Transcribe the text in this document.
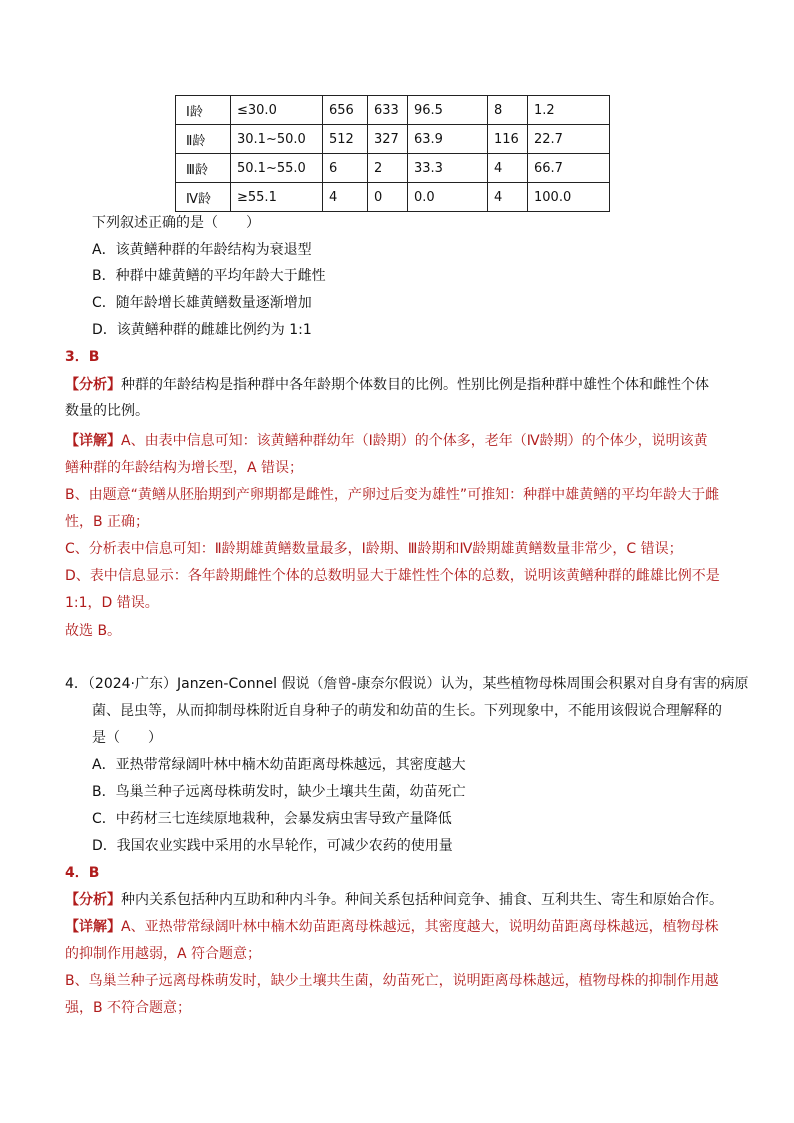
Ⅰ龄	≤30.0	656	633	96.5	8	1.2
Ⅱ龄	30.1~50.0	512	327	63.9	116	22.7
Ⅲ龄	50.1~55.0	6	2	33.3	4	66.7
Ⅳ龄	≥55.1	4	0	0.0	4	100.0
下列叙述正确的是（　　）
A．该黄鳝种群的年龄结构为衰退型
B．种群中雄黄鳝的平均年龄大于雌性
C．随年龄增长雄黄鳝数量逐渐增加
D．该黄鳝种群的雌雄比例约为 1:1
3．B
【分析】种群的年龄结构是指种群中各年龄期个体数目的比例。性别比例是指种群中雄性个体和雌性个体
数量的比例。
【详解】A、由表中信息可知：该黄鳝种群幼年（Ⅰ龄期）的个体多，老年（Ⅳ龄期）的个体少，说明该黄
鳝种群的年龄结构为增长型，A 错误；
B、由题意“黄鳝从胚胎期到产卵期都是雌性，产卵过后变为雄性”可推知：种群中雄黄鳝的平均年龄大于雌
性，B 正确；
C、分析表中信息可知：Ⅱ龄期雄黄鳝数量最多，Ⅰ龄期、Ⅲ龄期和Ⅳ龄期雄黄鳝数量非常少，C 错误；
D、表中信息显示：各年龄期雌性个体的总数明显大于雄性性个体的总数，说明该黄鳝种群的雌雄比例不是
1:1，D 错误。
故选 B。
4．（2024·广东）Janzen-Connel 假说（詹曾-康奈尔假说）认为，某些植物母株周围会积累对自身有害的病原
菌、昆虫等，从而抑制母株附近自身种子的萌发和幼苗的生长。下列现象中，不能用该假说合理解释的
是（　　）
A．亚热带常绿阔叶林中楠木幼苗距离母株越远，其密度越大
B．鸟巢兰种子远离母株萌发时，缺少土壤共生菌，幼苗死亡
C．中药材三七连续原地栽种，会暴发病虫害导致产量降低
D．我国农业实践中采用的水旱轮作，可减少农药的使用量
4．B
【分析】种内关系包括种内互助和种内斗争。种间关系包括种间竞争、捕食、互利共生、寄生和原始合作。
【详解】A、亚热带常绿阔叶林中楠木幼苗距离母株越远，其密度越大，说明幼苗距离母株越远，植物母株
的抑制作用越弱，A 符合题意；
B、鸟巢兰种子远离母株萌发时，缺少土壤共生菌，幼苗死亡，说明距离母株越远，植物母株的抑制作用越
强，B 不符合题意；
